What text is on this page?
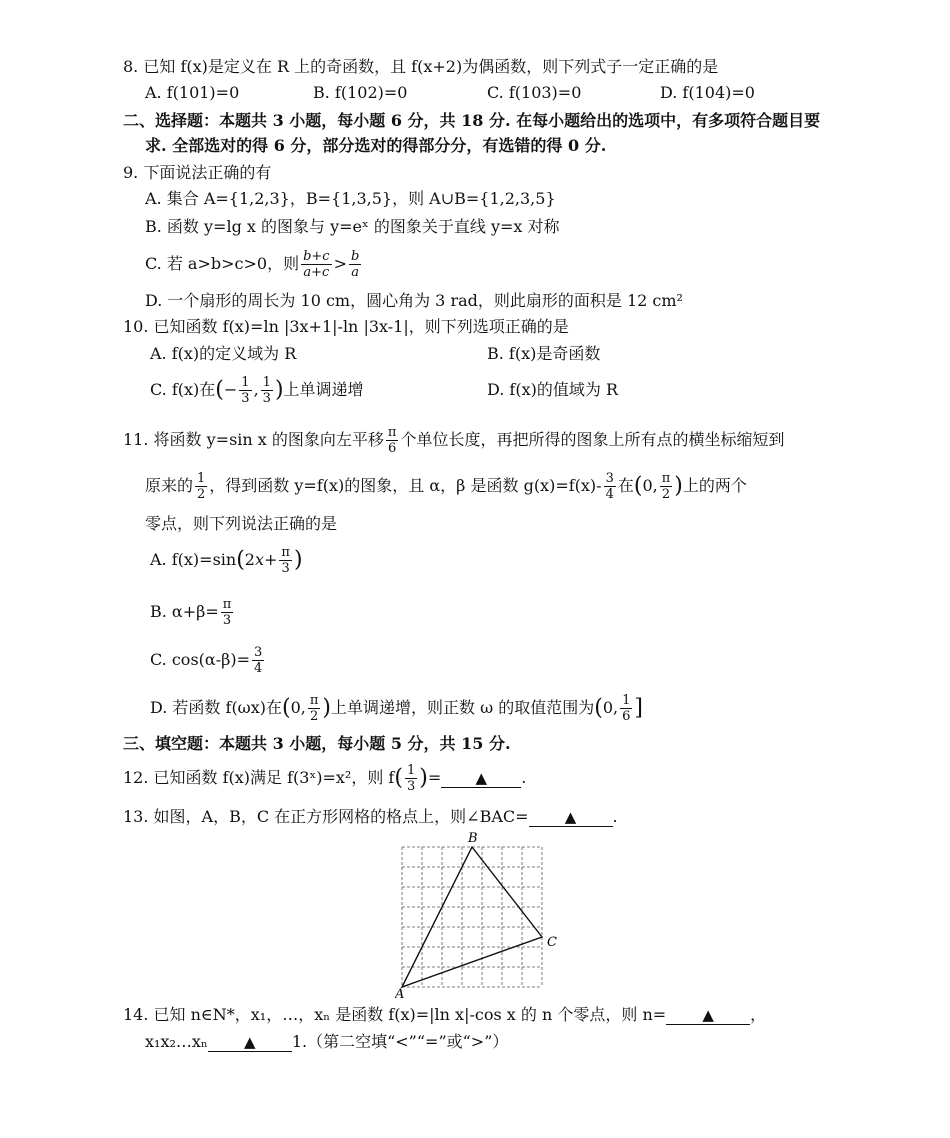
8. 已知 f(x)是定义在 R 上的奇函数，且 f(x+2)为偶函数，则下列式子一定正确的是
A. f(101)=0	B. f(102)=0	C. f(103)=0	D. f(104)=0
二、选择题：本题共 3 小题，每小题 6 分，共 18 分. 在每小题给出的选项中，有多项符合题目要
求. 全部选对的得 6 分，部分选对的得部分分，有选错的得 0 分.
9. 下面说法正确的有
A. 集合 A={1,2,3}，B={1,3,5}，则 A∪B={1,2,3,5}
B. 函数 y=lg x 的图象与 y=eˣ 的图象关于直线 y=x 对称
C. 若 a>b>c>0，则 $\frac{b+c}{a+c} > \frac{b}{a}$
D. 一个扇形的周长为 10 cm，圆心角为 3 rad，则此扇形的面积是 12 cm²
10. 已知函数 f(x)=ln |3x+1|-ln |3x-1|，则下列选项正确的是
A. f(x)的定义域为 R	B. f(x)是奇函数
C. f(x)在(− $\frac{1}{3}$ , $\frac{1}{3}$ )上单调递增	D. f(x)的值域为 R
11. 将函数 y=sin x 的图象向左平移 $\frac{\pi}{6}$ 个单位长度，再把所得的图象上所有点的横坐标缩短到
原来的 $\frac{1}{2}$ ，得到函数 y=f(x)的图象，且 α，β 是函数 $g(x)=f(x)- \frac{3}{4}$ 在(0, $\frac{\pi}{2}$ )上的两个
零点，则下列说法正确的是
A. $f(x)=\sin(2x+ \frac{\pi}{3}$ )
B. $\alpha+\beta= \frac{\pi}{3}$
C. $\cos(\alpha-\beta)= \frac{3}{4}$
D. 若函数 f(ωx)在(0, $\frac{\pi}{2}$ )上单调递增，则正数 ω 的取值范围为(0, $\frac{1}{6}$ ]
三、填空题：本题共 3 小题，每小题 5 分，共 15 分.
12. 已知函数 f(x)满足 f(3ˣ)=x²，则 $f( \frac{1}{3}$ )= ▲ .
13. 如图，A，B，C 在正方形网格的格点上，则∠BAC= ▲ .
A
B
C
14. 已知 n∈N*，x₁，…，xₙ 是函数 f(x)=|ln x|-cos x 的 n 个零点，则 n= ▲ ，
x₁x₂…xₙ ▲ 1.（第二空填“<”“=”或“>”）
